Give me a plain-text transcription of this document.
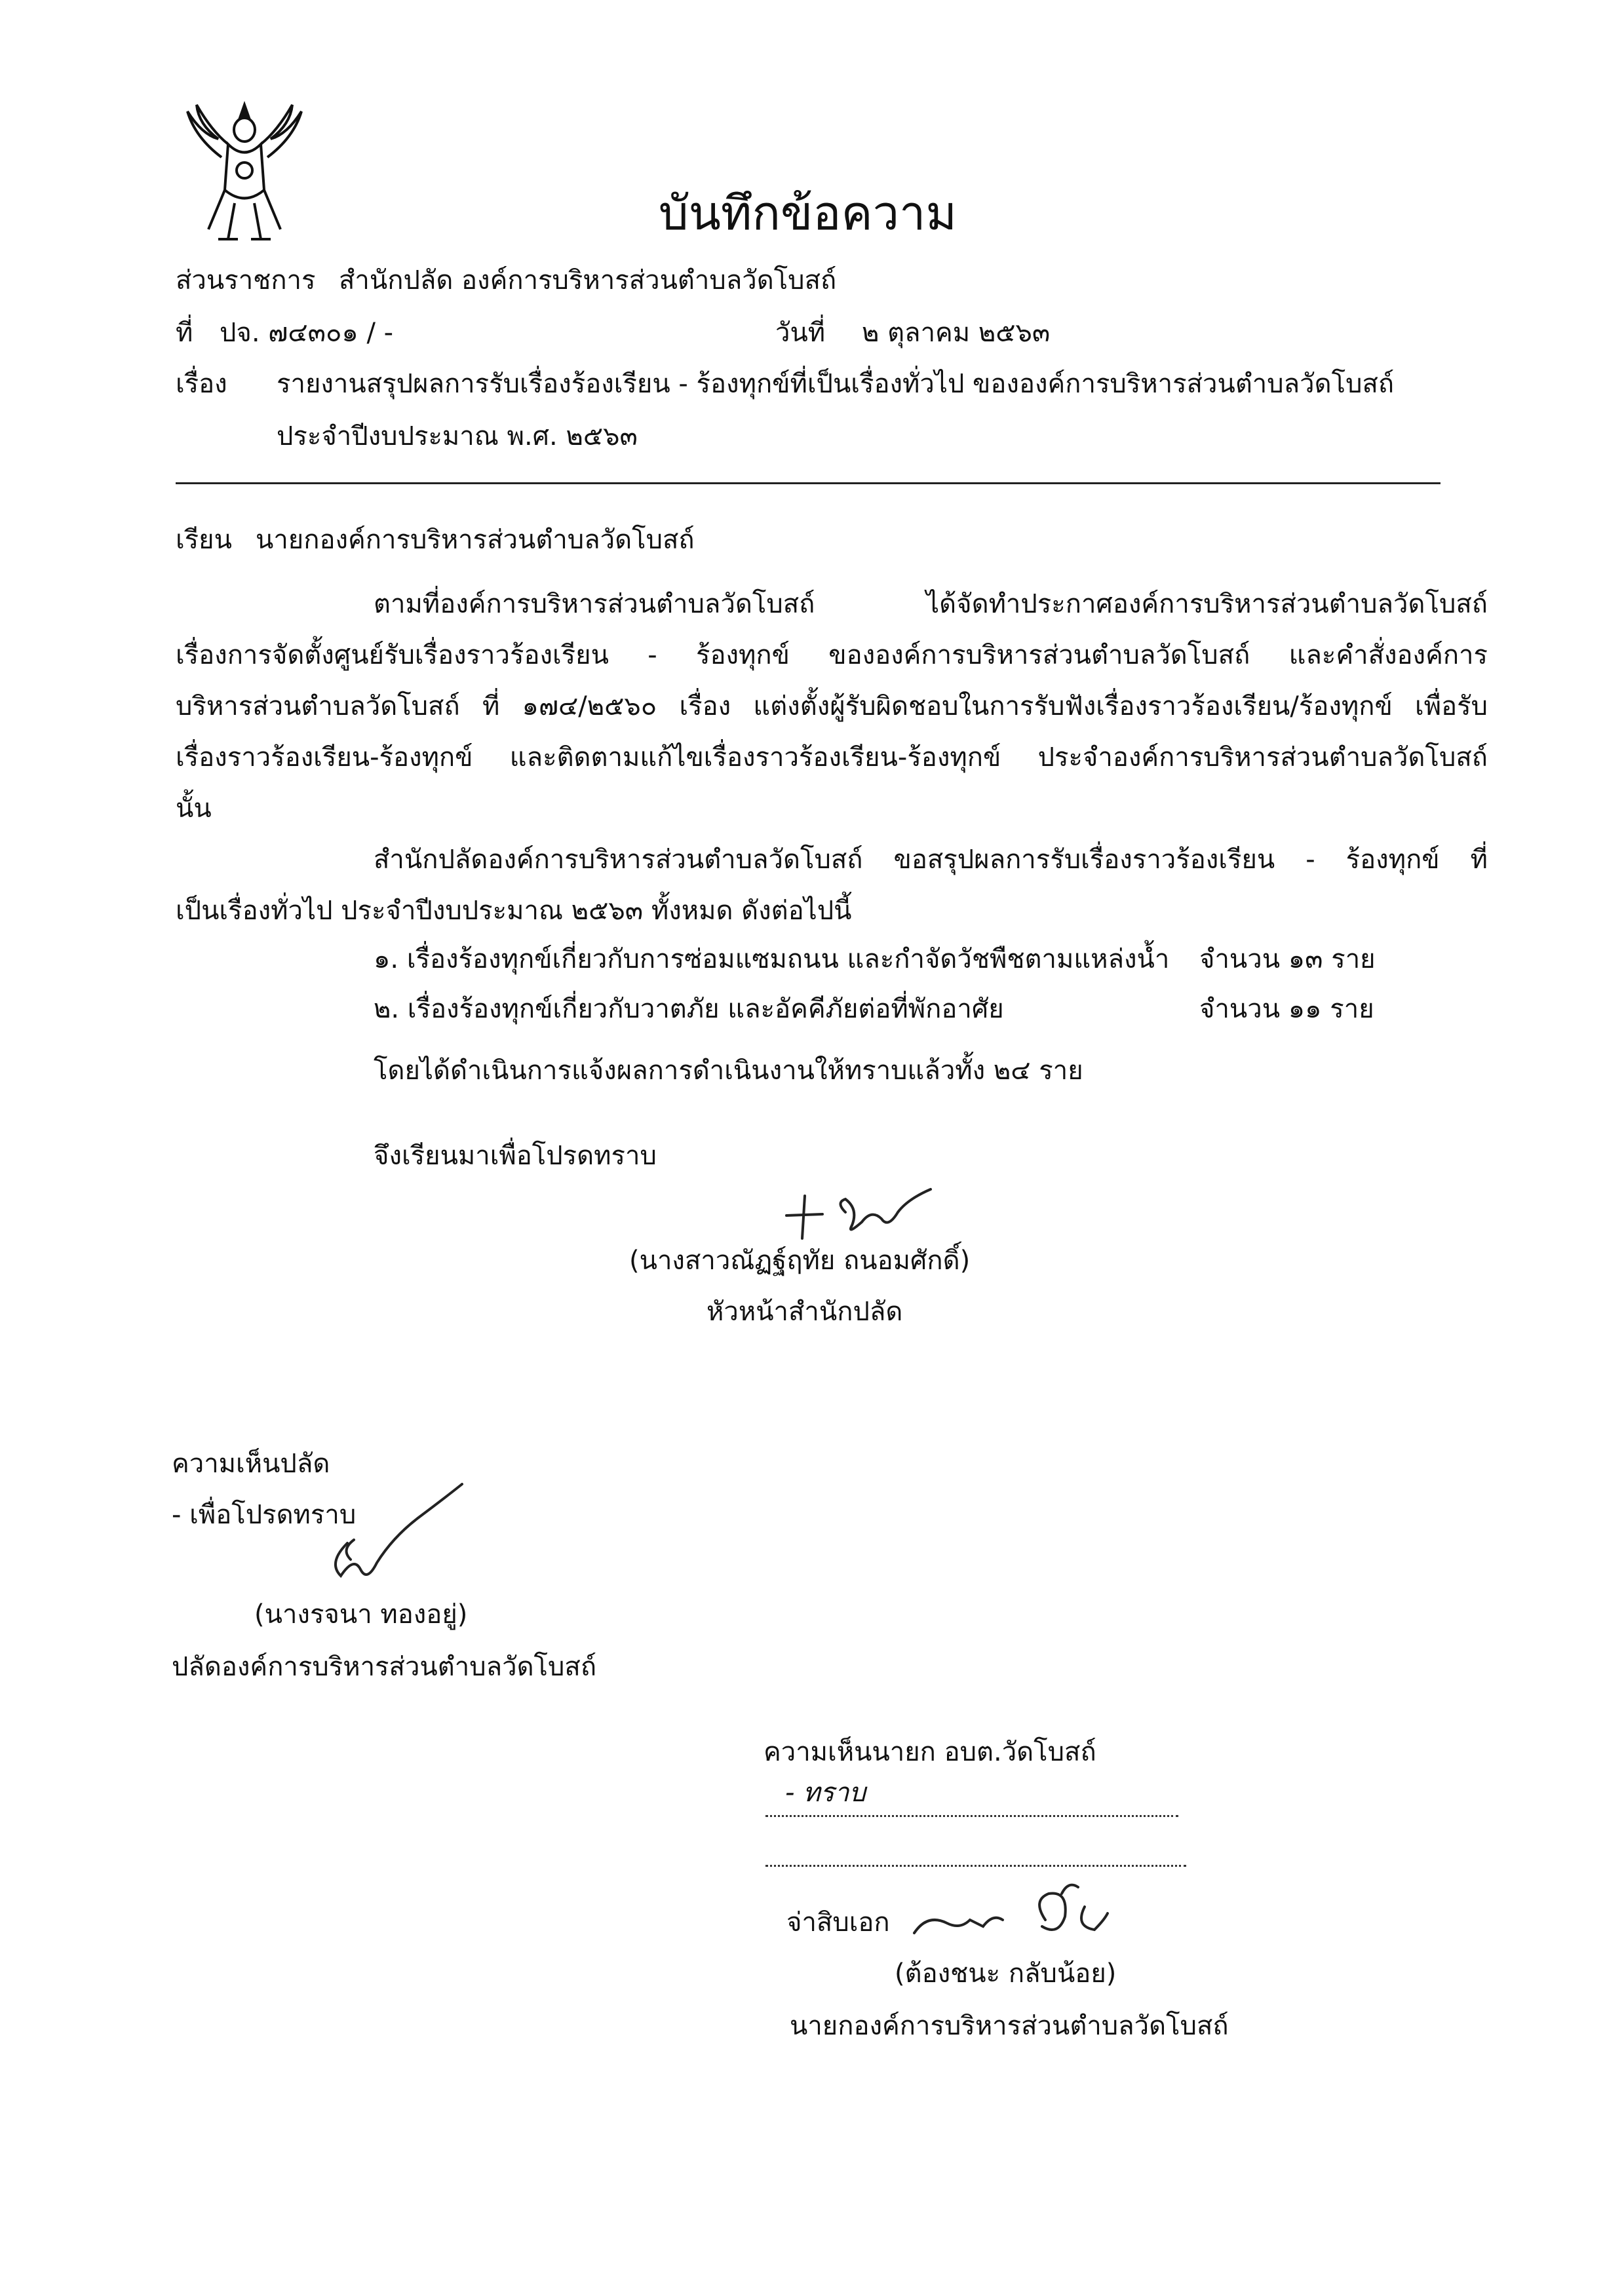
บันทึกข้อความ
ส่วนราชการ สำนักปลัด องค์การบริหารส่วนตำบลวัดโบสถ์
ที่ ปจ. ๗๔๓๐๑ / -	วันที่ ๒ ตุลาคม ๒๕๖๓
เรื่อง รายงานสรุปผลการรับเรื่องร้องเรียน - ร้องทุกข์ที่เป็นเรื่องทั่วไป ขององค์การบริหารส่วนตำบลวัดโบสถ์
ประจำปีงบประมาณ พ.ศ. ๒๕๖๓
เรียน นายกองค์การบริหารส่วนตำบลวัดโบสถ์
ตามที่องค์การบริหารส่วนตำบลวัดโบสถ์ ได้จัดทำประกาศองค์การบริหารส่วนตำบลวัดโบสถ์
เรื่องการจัดตั้งศูนย์รับเรื่องราวร้องเรียน - ร้องทุกข์ ขององค์การบริหารส่วนตำบลวัดโบสถ์ และคำสั่งองค์การ
บริหารส่วนตำบลวัดโบสถ์ ที่ ๑๗๔/๒๕๖๐ เรื่อง แต่งตั้งผู้รับผิดชอบในการรับฟังเรื่องราวร้องเรียน/ร้องทุกข์ เพื่อรับ
เรื่องราวร้องเรียน-ร้องทุกข์ และติดตามแก้ไขเรื่องราวร้องเรียน-ร้องทุกข์ ประจำองค์การบริหารส่วนตำบลวัดโบสถ์
นั้น
สำนักปลัดองค์การบริหารส่วนตำบลวัดโบสถ์ ขอสรุปผลการรับเรื่องราวร้องเรียน - ร้องทุกข์ ที่
เป็นเรื่องทั่วไป ประจำปีงบประมาณ ๒๕๖๓ ทั้งหมด ดังต่อไปนี้
๑. เรื่องร้องทุกข์เกี่ยวกับการซ่อมแซมถนน และกำจัดวัชพืชตามแหล่งน้ำ จำนวน ๑๓ ราย
๒. เรื่องร้องทุกข์เกี่ยวกับวาตภัย และอัคคีภัยต่อที่พักอาศัย	จำนวน ๑๑ ราย
โดยได้ดำเนินการแจ้งผลการดำเนินงานให้ทราบแล้วทั้ง ๒๔ ราย
จึงเรียนมาเพื่อโปรดทราบ
(นางสาวณัฏฐ์ฤทัย ถนอมศักดิ์)
หัวหน้าสำนักปลัด
ความเห็นปลัด
- เพื่อโปรดทราบ
(นางรจนา ทองอยู่)
ปลัดองค์การบริหารส่วนตำบลวัดโบสถ์
ความเห็นนายก อบต.วัดโบสถ์
- ทราบ
จ่าสิบเอก
(ต้องชนะ กลับน้อย)
นายกองค์การบริหารส่วนตำบลวัดโบสถ์
